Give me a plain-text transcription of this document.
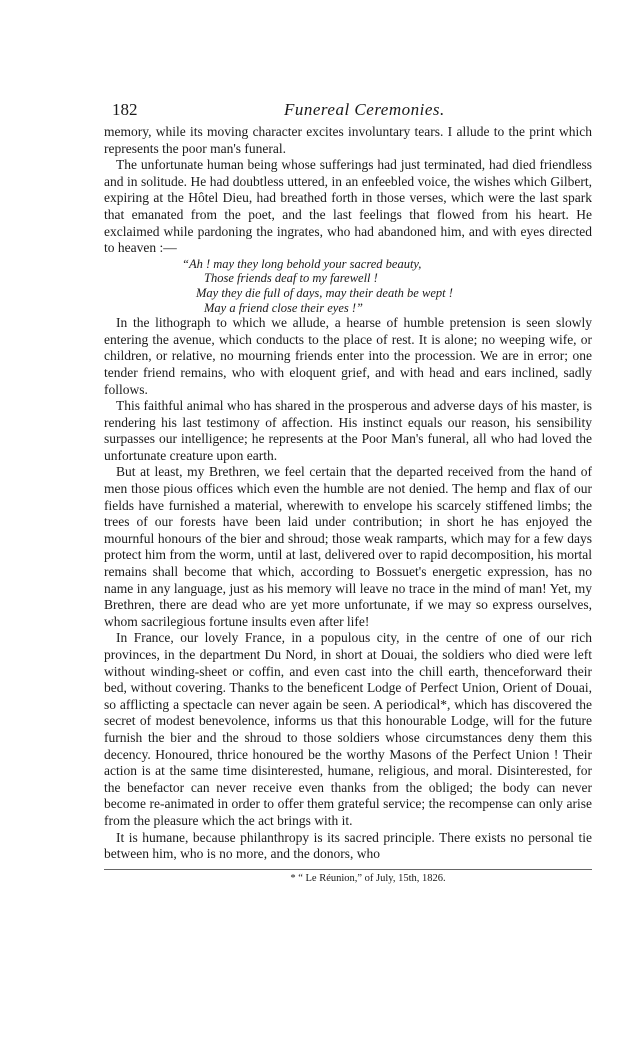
182	Funereal Ceremonies.

memory, while its moving character excites involuntary tears. I allude to the print which represents the poor man's funeral.

The unfortunate human being whose sufferings had just terminated, had died friendless and in solitude. He had doubtless uttered, in an enfeebled voice, the wishes which Gilbert, expiring at the Hôtel Dieu, had breathed forth in those verses, which were the last spark that emanated from the poet, and the last feelings that flowed from his heart. He exclaimed while pardoning the ingrates, who had abandoned him, and with eyes directed to heaven :—

“Ah ! may they long behold your sacred beauty,
Those friends deaf to my farewell !
May they die full of days, may their death be wept !
May a friend close their eyes !”

In the lithograph to which we allude, a hearse of humble pretension is seen slowly entering the avenue, which conducts to the place of rest. It is alone; no weeping wife, or children, or relative, no mourning friends enter into the procession. We are in error; one tender friend remains, who with eloquent grief, and with head and ears inclined, sadly follows.

This faithful animal who has shared in the prosperous and adverse days of his master, is rendering his last testimony of affection. His instinct equals our reason, his sensibility surpasses our intelligence; he represents at the Poor Man's funeral, all who had loved the unfortunate creature upon earth.

But at least, my Brethren, we feel certain that the departed received from the hand of men those pious offices which even the humble are not denied. The hemp and flax of our fields have furnished a material, wherewith to envelope his scarcely stiffened limbs; the trees of our forests have been laid under contribution; in short he has enjoyed the mournful honours of the bier and shroud; those weak ramparts, which may for a few days protect him from the worm, until at last, delivered over to rapid decomposition, his mortal remains shall become that which, according to Bossuet's energetic expression, has no name in any language, just as his memory will leave no trace in the mind of man! Yet, my Brethren, there are dead who are yet more unfortunate, if we may so express ourselves, whom sacrilegious fortune insults even after life!

In France, our lovely France, in a populous city, in the centre of one of our rich provinces, in the department Du Nord, in short at Douai, the soldiers who died were left without winding-sheet or coffin, and even cast into the chill earth, thenceforward their bed, without covering. Thanks to the beneficent Lodge of Perfect Union, Orient of Douai, so afflicting a spectacle can never again be seen. A periodical*, which has discovered the secret of modest benevolence, informs us that this honourable Lodge, will for the future furnish the bier and the shroud to those soldiers whose circumstances deny them this decency. Honoured, thrice honoured be the worthy Masons of the Perfect Union ! Their action is at the same time disinterested, humane, religious, and moral. Disinterested, for the benefactor can never receive even thanks from the obliged; the body can never become re-animated in order to offer them grateful service; the recompense can only arise from the pleasure which the act brings with it.

It is humane, because philanthropy is its sacred principle. There exists no personal tie between him, who is no more, and the donors, who

* “ Le Réunion,” of July, 15th, 1826.
